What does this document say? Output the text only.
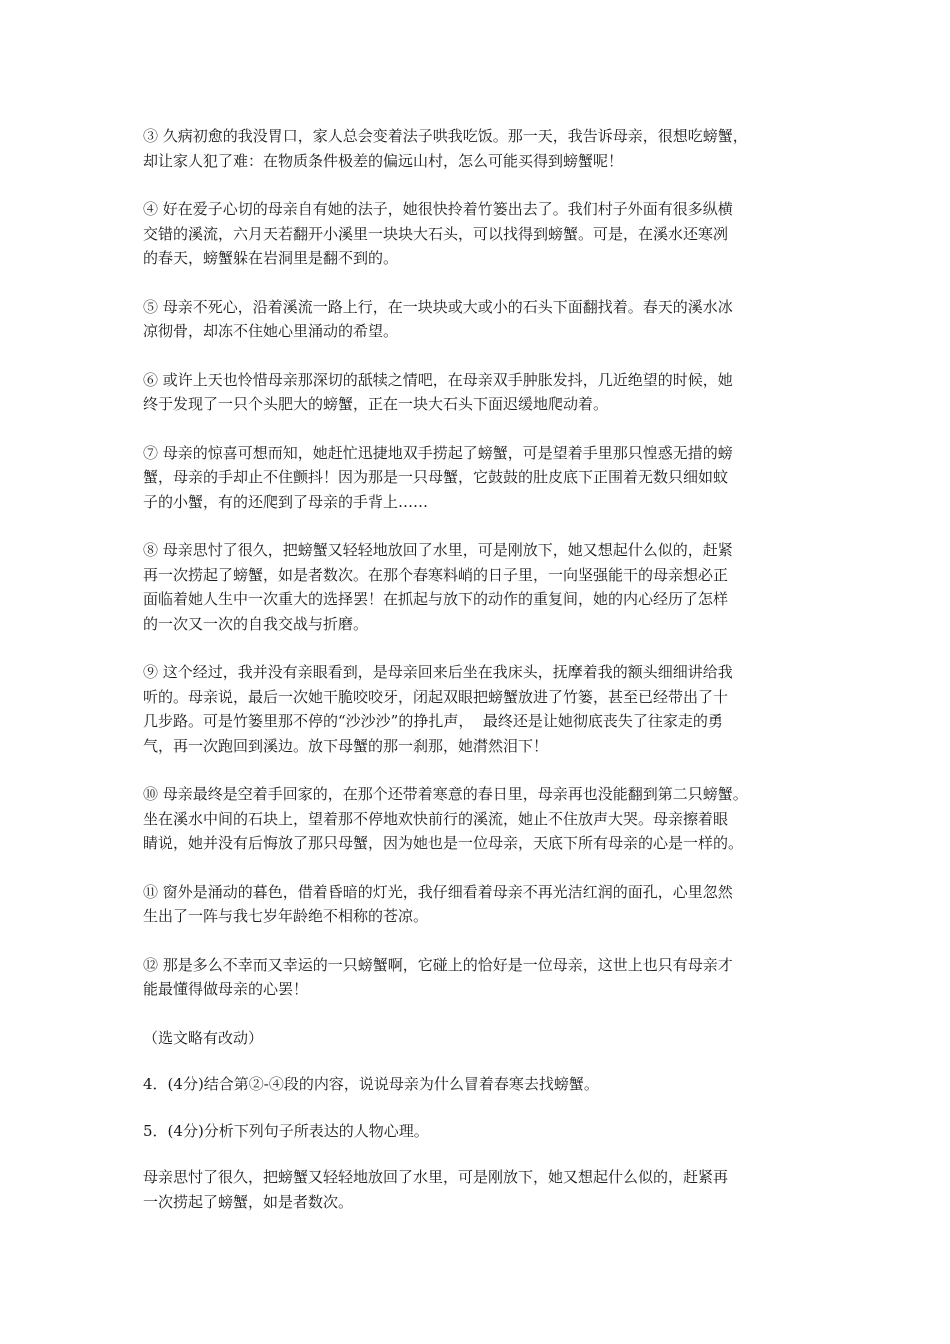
③ 久病初愈的我没胃口，家人总会变着法子哄我吃饭。那一天，我告诉母亲，很想吃螃蟹，
却让家人犯了难：在物质条件极差的偏远山村，怎么可能买得到螃蟹呢！

④ 好在爱子心切的母亲自有她的法子，她很快拎着竹篓出去了。我们村子外面有很多纵横
交错的溪流，六月天若翻开小溪里一块块大石头，可以找得到螃蟹。可是，在溪水还寒冽
的春天，螃蟹躲在岩洞里是翻不到的。

⑤ 母亲不死心，沿着溪流一路上行，在一块块或大或小的石头下面翻找着。春天的溪水冰
凉彻骨，却冻不住她心里涌动的希望。

⑥ 或许上天也怜惜母亲那深切的舐犊之情吧，在母亲双手肿胀发抖，几近绝望的时候，她
终于发现了一只个头肥大的螃蟹，正在一块大石头下面迟缓地爬动着。

⑦ 母亲的惊喜可想而知，她赶忙迅捷地双手捞起了螃蟹，可是望着手里那只惶惑无措的螃
蟹，母亲的手却止不住颤抖！因为那是一只母蟹，它鼓鼓的肚皮底下正围着无数只细如蚊
子的小蟹，有的还爬到了母亲的手背上……

⑧ 母亲思忖了很久，把螃蟹又轻轻地放回了水里，可是刚放下，她又想起什么似的，赶紧
再一次捞起了螃蟹，如是者数次。在那个春寒料峭的日子里，一向坚强能干的母亲想必正
面临着她人生中一次重大的选择罢！在抓起与放下的动作的重复间，她的内心经历了怎样
的一次又一次的自我交战与折磨。

⑨ 这个经过，我并没有亲眼看到，是母亲回来后坐在我床头，抚摩着我的额头细细讲给我
听的。母亲说，最后一次她干脆咬咬牙，闭起双眼把螃蟹放进了竹篓，甚至已经带出了十
几步路。可是竹篓里那不停的“沙沙沙”的挣扎声，  最终还是让她彻底丧失了往家走的勇
气，再一次跑回到溪边。放下母蟹的那一刹那，她潸然泪下！

⑩ 母亲最终是空着手回家的，在那个还带着寒意的春日里，母亲再也没能翻到第二只螃蟹。
坐在溪水中间的石块上，望着那不停地欢快前行的溪流，她止不住放声大哭。母亲擦着眼
睛说，她并没有后悔放了那只母蟹，因为她也是一位母亲，天底下所有母亲的心是一样的。

⑪ 窗外是涌动的暮色，借着昏暗的灯光，我仔细看着母亲不再光洁红润的面孔，心里忽然
生出了一阵与我七岁年龄绝不相称的苍凉。

⑫ 那是多么不幸而又幸运的一只螃蟹啊，它碰上的恰好是一位母亲，这世上也只有母亲才
能最懂得做母亲的心罢！

（选文略有改动）

4．(4分)结合第②-④段的内容，说说母亲为什么冒着春寒去找螃蟹。

5．(4分)分析下列句子所表达的人物心理。

母亲思忖了很久，把螃蟹又轻轻地放回了水里，可是刚放下，她又想起什么似的，赶紧再
一次捞起了螃蟹，如是者数次。
